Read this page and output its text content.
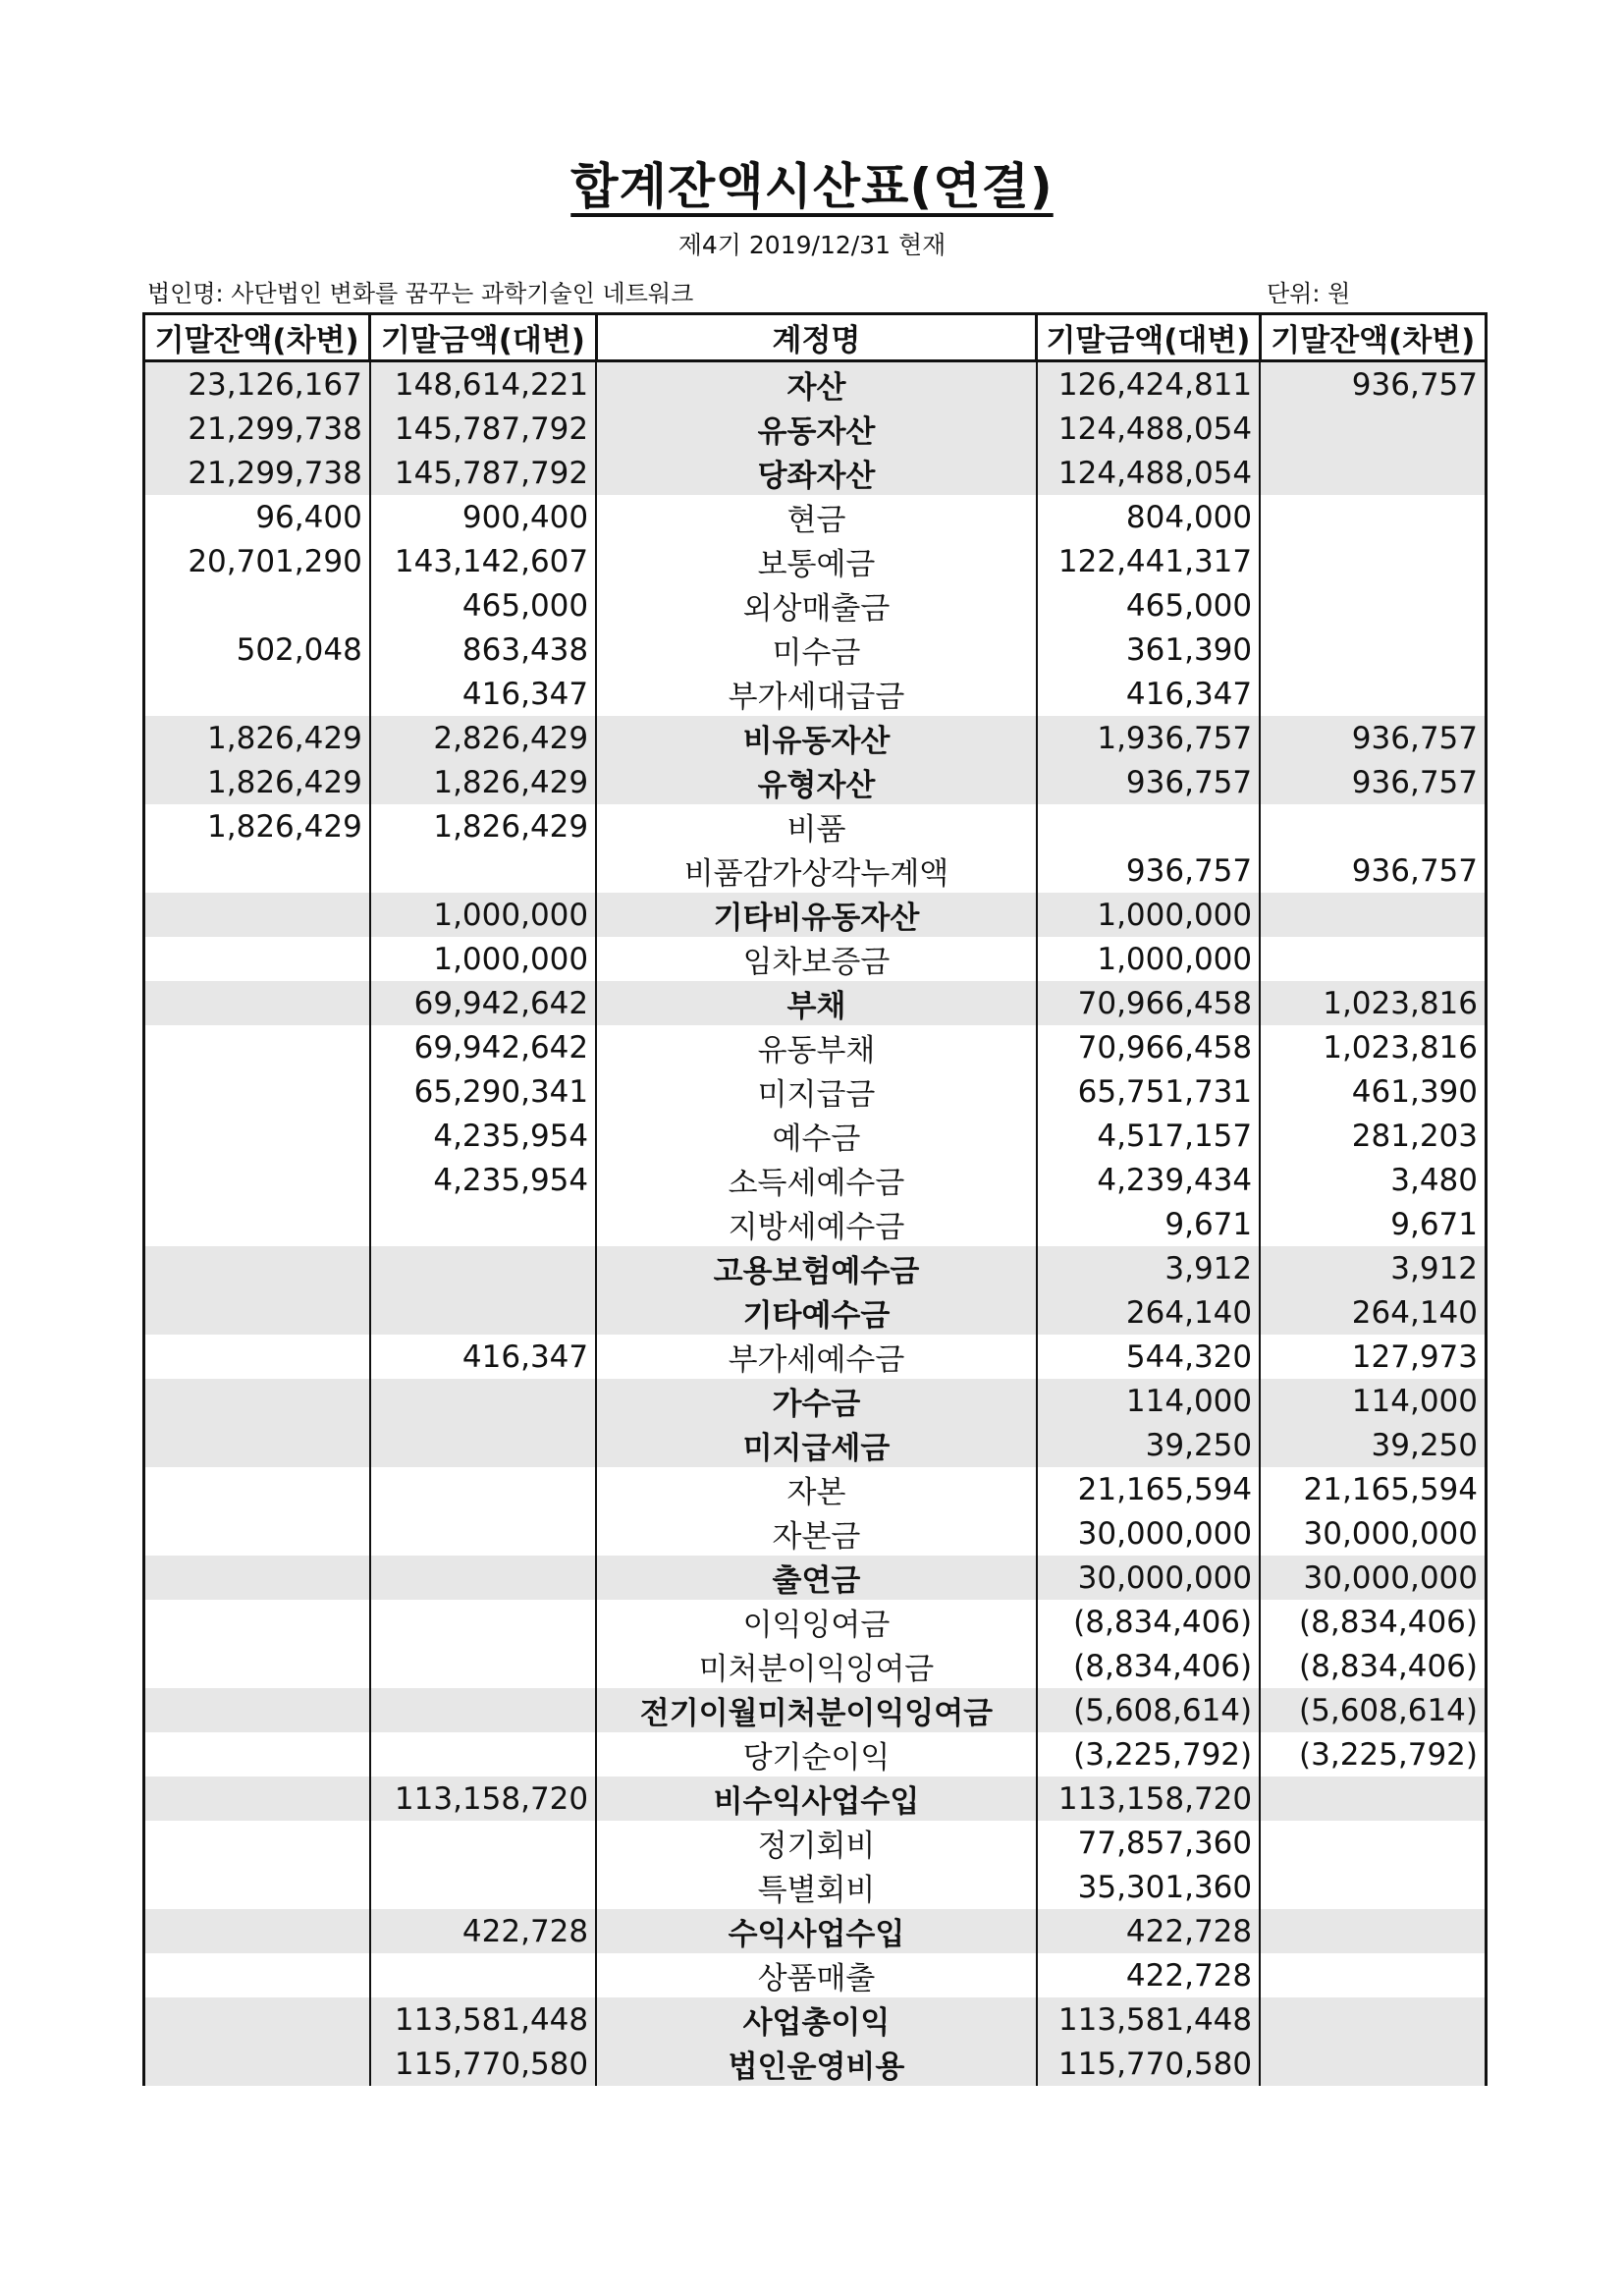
합계잔액시산표(연결)
제4기 2019/12/31 현재
법인명: 사단법인 변화를 꿈꾸는 과학기술인 네트워크	단위: 원
기말잔액(차변)	기말금액(대변)	계정명	기말금액(대변)	기말잔액(차변)
23,126,167	148,614,221	자산	126,424,811	936,757
21,299,738	145,787,792	유동자산	124,488,054	
21,299,738	145,787,792	당좌자산	124,488,054	
96,400	900,400	현금	804,000	
20,701,290	143,142,607	보통예금	122,441,317	
	465,000	외상매출금	465,000	
502,048	863,438	미수금	361,390	
	416,347	부가세대급금	416,347	
1,826,429	2,826,429	비유동자산	1,936,757	936,757
1,826,429	1,826,429	유형자산	936,757	936,757
1,826,429	1,826,429	비품		
		비품감가상각누계액	936,757	936,757
	1,000,000	기타비유동자산	1,000,000	
	1,000,000	임차보증금	1,000,000	
	69,942,642	부채	70,966,458	1,023,816
	69,942,642	유동부채	70,966,458	1,023,816
	65,290,341	미지급금	65,751,731	461,390
	4,235,954	예수금	4,517,157	281,203
	4,235,954	소득세예수금	4,239,434	3,480
		지방세예수금	9,671	9,671
		고용보험예수금	3,912	3,912
		기타예수금	264,140	264,140
	416,347	부가세예수금	544,320	127,973
		가수금	114,000	114,000
		미지급세금	39,250	39,250
		자본	21,165,594	21,165,594
		자본금	30,000,000	30,000,000
		출연금	30,000,000	30,000,000
		이익잉여금	(8,834,406)	(8,834,406)
		미처분이익잉여금	(8,834,406)	(8,834,406)
		전기이월미처분이익잉여금	(5,608,614)	(5,608,614)
		당기순이익	(3,225,792)	(3,225,792)
	113,158,720	비수익사업수입	113,158,720	
		정기회비	77,857,360	
		특별회비	35,301,360	
	422,728	수익사업수입	422,728	
		상품매출	422,728	
	113,581,448	사업총이익	113,581,448	
	115,770,580	법인운영비용	115,770,580	
